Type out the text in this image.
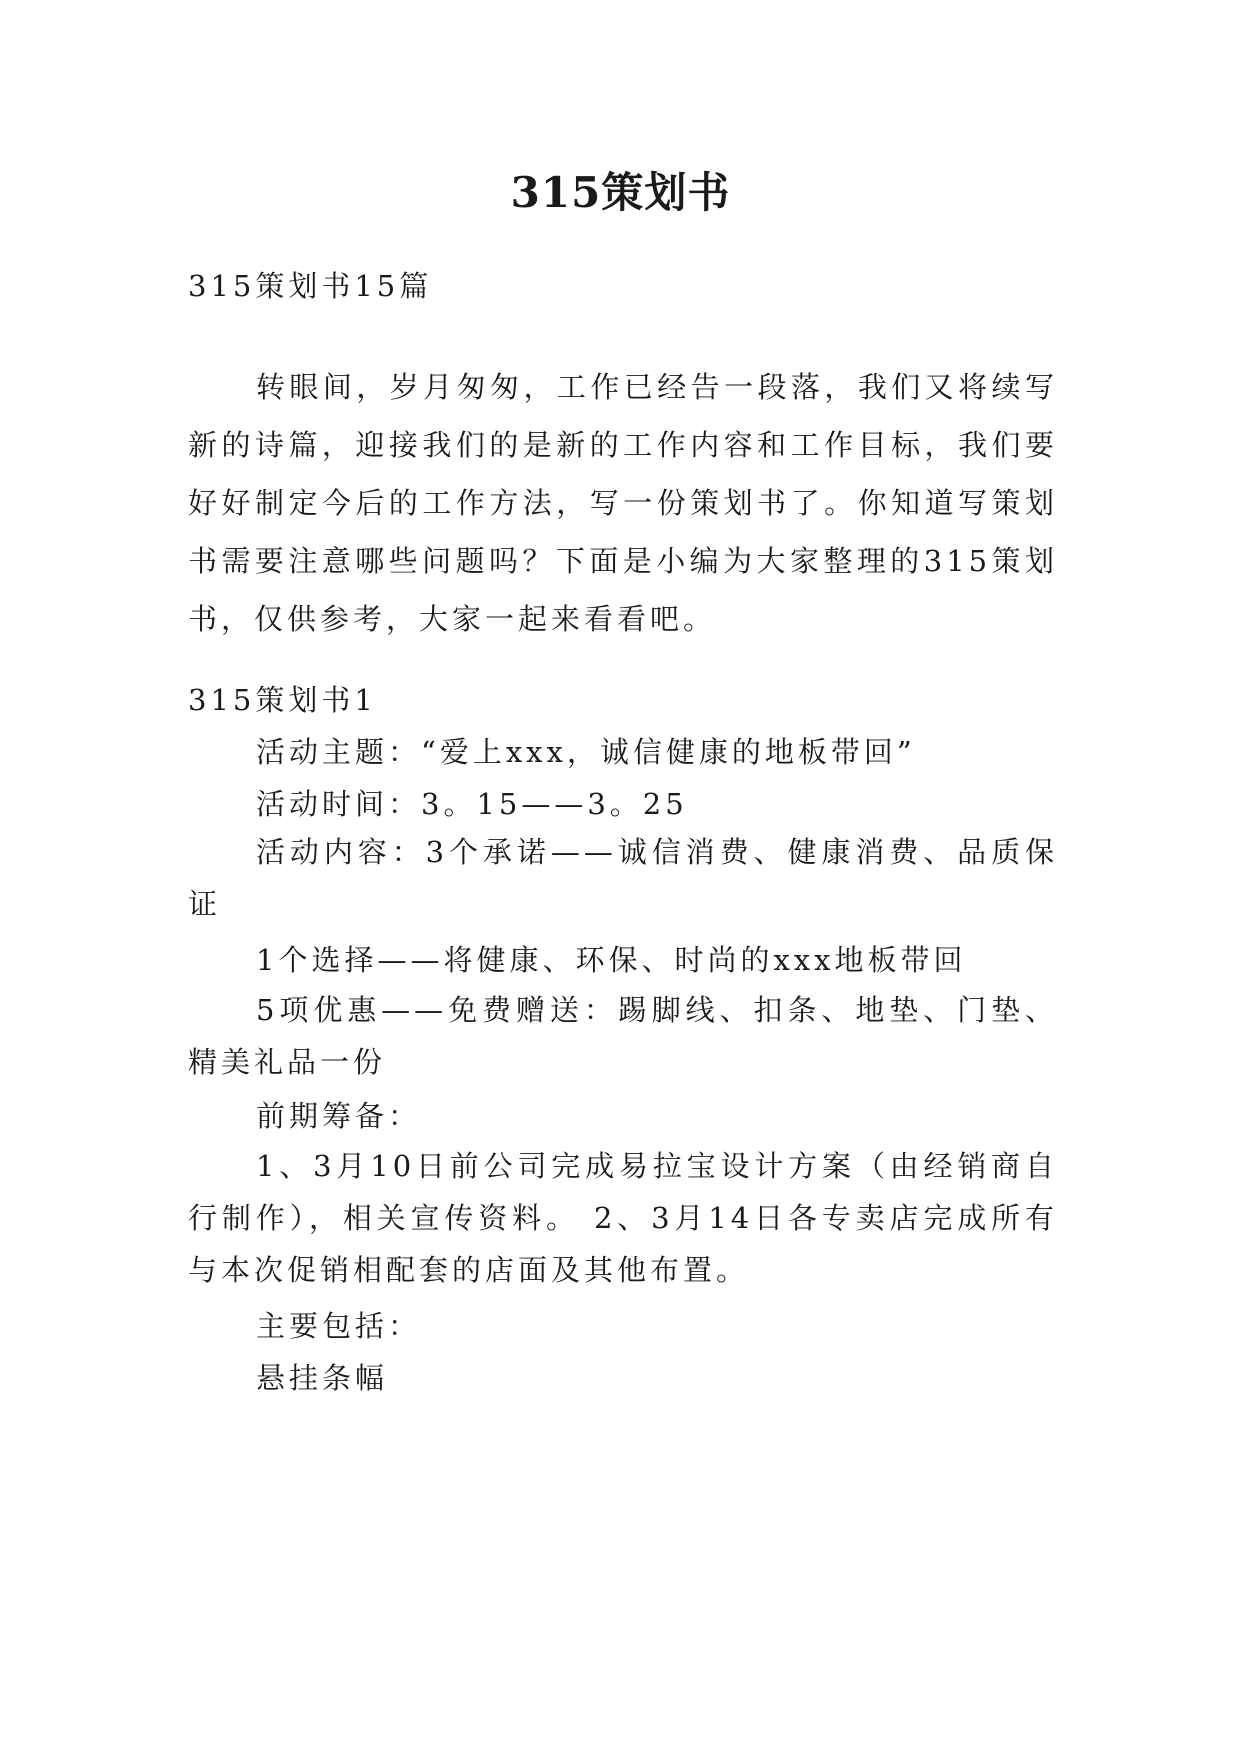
315策划书
315策划书15篇
转眼间，岁月匆匆，工作已经告一段落，我们又将续写新的诗篇，迎接我们的是新的工作内容和工作目标，我们要好好制定今后的工作方法，写一份策划书了。你知道写策划书需要注意哪些问题吗？下面是小编为大家整理的315策划书，仅供参考，大家一起来看看吧。
315策划书1
活动主题：“爱上xxx，诚信健康的地板带回”
活动时间：3。15——3。25
活动内容：3个承诺——诚信消费、健康消费、品质保证
1个选择——将健康、环保、时尚的xxx地板带回
5项优惠——免费赠送：踢脚线、扣条、地垫、门垫、精美礼品一份
前期筹备：
1、3月10日前公司完成易拉宝设计方案（由经销商自行制作），相关宣传资料。 2、3月14日各专卖店完成所有与本次促销相配套的店面及其他布置。
主要包括：
悬挂条幅
